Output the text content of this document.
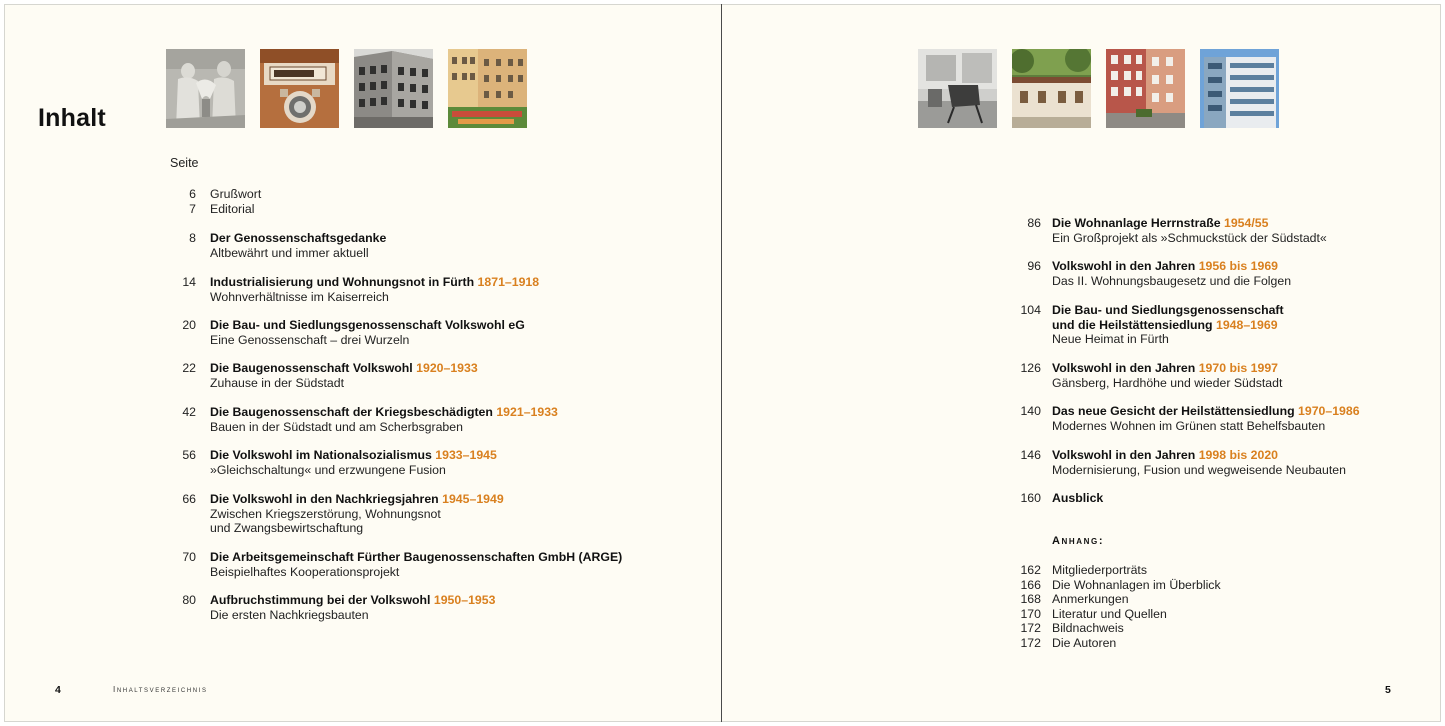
Inhalt
Seite
6 Grußwort
7 Editorial
8 Der Genossenschaftsgedanke
Altbewährt und immer aktuell
14 Industrialisierung und Wohnungsnot in Fürth 1871–1918
Wohnverhältnisse im Kaiserreich
20 Die Bau- und Siedlungsgenossenschaft Volkswohl eG
Eine Genossenschaft – drei Wurzeln
22 Die Baugenossenschaft Volkswohl 1920–1933
Zuhause in der Südstadt
42 Die Baugenossenschaft der Kriegsbeschädigten 1921–1933
Bauen in der Südstadt und am Scherbsgraben
56 Die Volkswohl im Nationalsozialismus 1933–1945
»Gleichschaltung« und erzwungene Fusion
66 Die Volkswohl in den Nachkriegsjahren 1945–1949
Zwischen Kriegszerstörung, Wohnungsnot
und Zwangsbewirtschaftung
70 Die Arbeitsgemeinschaft Fürther Baugenossenschaften GmbH (ARGE)
Beispielhaftes Kooperationsprojekt
80 Aufbruchstimmung bei der Volkswohl 1950–1953
Die ersten Nachkriegsbauten
4	Inhaltsverzeichnis
86 Die Wohnanlage Herrnstraße 1954/55
Ein Großprojekt als »Schmuckstück der Südstadt«
96 Volkswohl in den Jahren 1956 bis 1969
Das II. Wohnungsbaugesetz und die Folgen
104 Die Bau- und Siedlungsgenossenschaft
und die Heilstättensiedlung 1948–1969
Neue Heimat in Fürth
126 Volkswohl in den Jahren 1970 bis 1997
Gänsberg, Hardhöhe und wieder Südstadt
140 Das neue Gesicht der Heilstättensiedlung 1970–1986
Modernes Wohnen im Grünen statt Behelfsbauten
146 Volkswohl in den Jahren 1998 bis 2020
Modernisierung, Fusion und wegweisende Neubauten
160 Ausblick
Anhang:
162 Mitgliederporträts
166 Die Wohnanlagen im Überblick
168 Anmerkungen
170 Literatur und Quellen
172 Bildnachweis
172 Die Autoren
5
